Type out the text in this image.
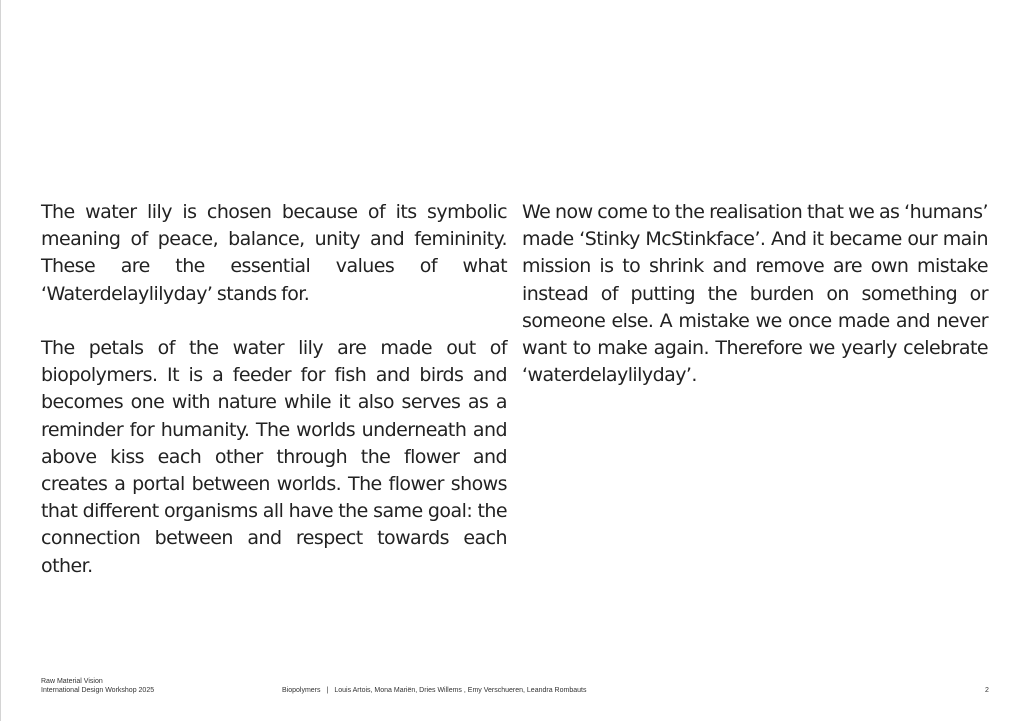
The water lily is chosen because of its symbolic meaning of peace, balance, unity and femininity. These are the essential values of what ‘Waterdelaylilyday’ stands for.

The petals of the water lily are made out of biopolymers. It is a feeder for fish and birds and becomes one with nature while it also serves as a reminder for humanity. The worlds underneath and above kiss each other through the flower and creates a portal between worlds. The flower shows that different organisms all have the same goal: the connection between and respect towards each other.

We now come to the realisation that we as ‘humans’ made ‘Stinky McStinkface’. And it became our main mission is to shrink and remove are own mistake instead of putting the burden on something or someone else. A mistake we once made and never want to make again. Therefore we yearly celebrate ‘waterdelaylilyday’.

Raw Material Vision
International Design Workshop 2025	Biopolymers | Louis Artois, Mona Mariën, Dries Willems , Emy Verschueren, Leandra Rombauts	2
